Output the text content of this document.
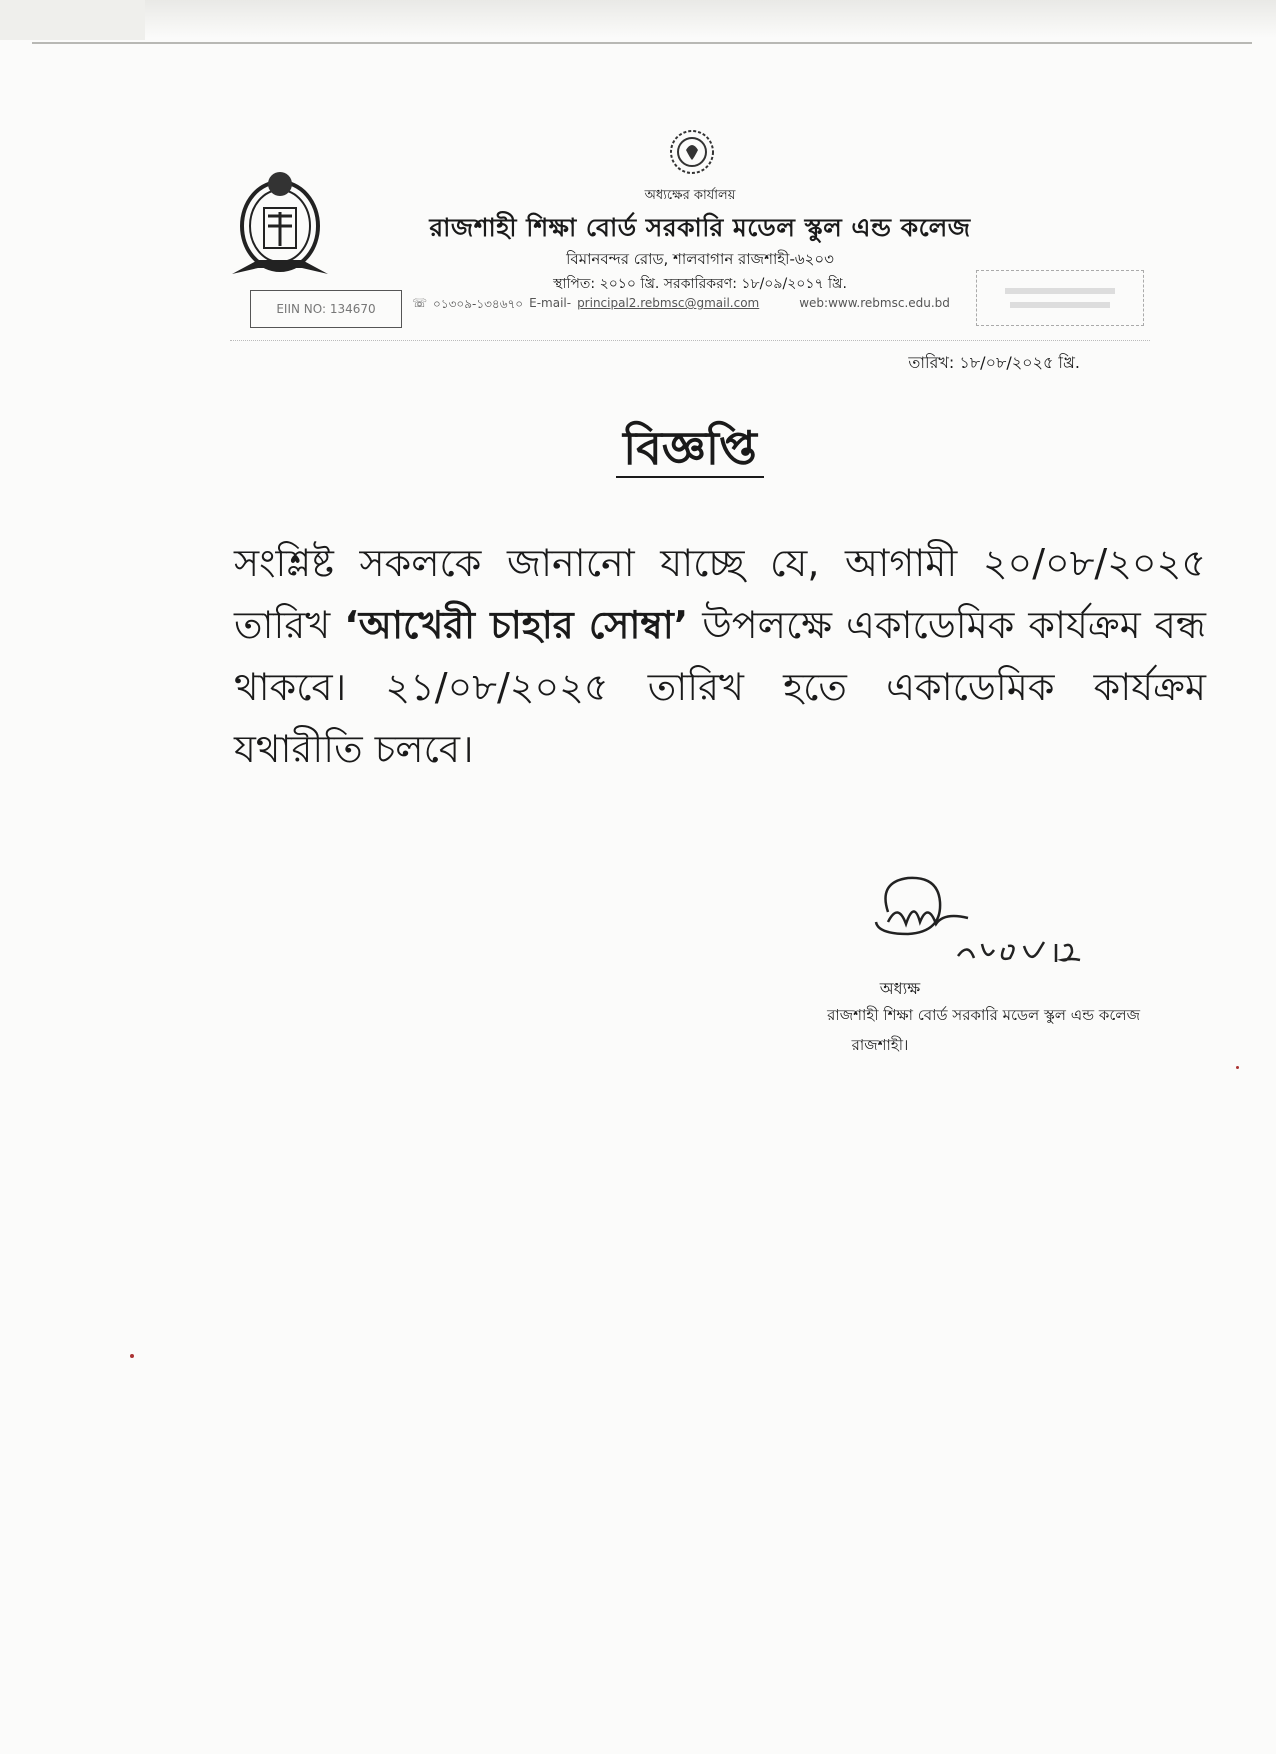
অধ্যক্ষের কার্যালয়
রাজশাহী শিক্ষা বোর্ড সরকারি মডেল স্কুল এন্ড কলেজ
বিমানবন্দর রোড, শালবাগান রাজশাহী-৬২০৩
স্থাপিত: ২০১০ খ্রি. সরকারিকরণ: ১৮/০৯/২০১৭ খ্রি.
EIIN NO: 134670	☏ ০১৩০৯-১৩৪৬৭০ E-mail- principal2.rebmsc@gmail.com	web:www.rebmsc.edu.bd
তারিখ: ১৮/০৮/২০২৫ খ্রি.
বিজ্ঞপ্তি
সংশ্লিষ্ট সকলকে জানানো যাচ্ছে যে, আগামী ২০/০৮/২০২৫ তারিখ ‘আখেরী চাহার সোম্বা’ উপলক্ষে একাডেমিক কার্যক্রম বন্ধ থাকবে। ২১/০৮/২০২৫ তারিখ হতে একাডেমিক কার্যক্রম যথারীতি চলবে।
অধ্যক্ষ
রাজশাহী শিক্ষা বোর্ড সরকারি মডেল স্কুল এন্ড কলেজ
রাজশাহী।
